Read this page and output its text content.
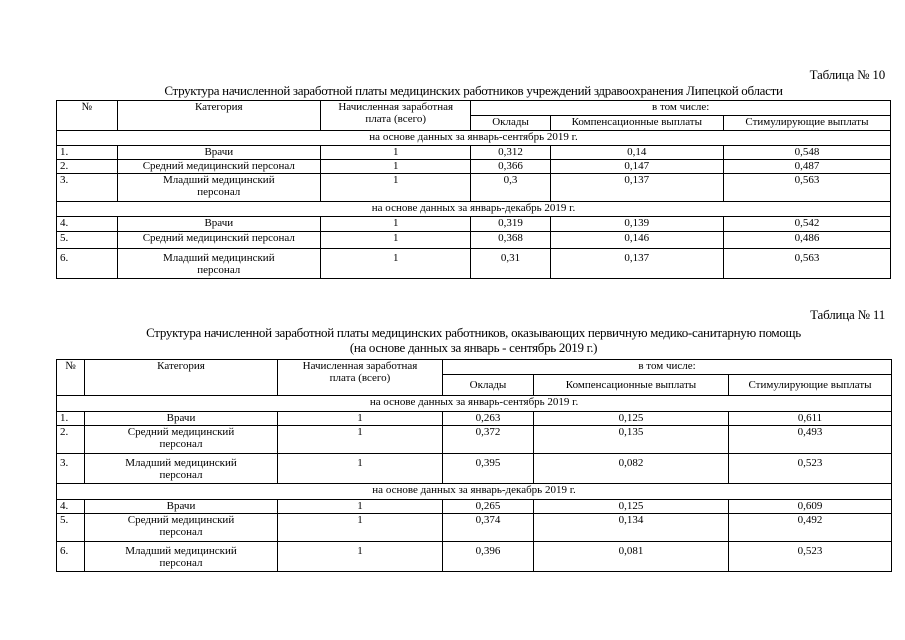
Таблица № 10
Структура начисленной заработной платы медицинских работников учреждений здравоохранения Липецкой области
№	Категория	Начисленная заработная
плата (всего)	в том числе:		
			Оклады	Компенсационные выплаты	Стимулирующие выплаты
на основе данных за январь-сентябрь 2019 г.					
1.	Врачи	1	0,312	0,14	0,548
2.	Средний медицинский персонал	1	0,366	0,147	0,487
3.	Младший медицинский
персонал	1	0,3	0,137	0,563
на основе данных за январь-декабрь 2019 г.					
4.	Врачи	1	0,319	0,139	0,542
5.	Средний медицинский персонал	1	0,368	0,146	0,486
6.	Младший медицинский
персонал	1	0,31	0,137	0,563
Таблица № 11
Структура начисленной заработной платы медицинских работников, оказывающих первичную медико-санитарную помощь
(на основе данных за январь - сентябрь 2019 г.)
№	Категория	Начисленная заработная
плата (всего)	в том числе:		
			Оклады	Компенсационные выплаты	Стимулирующие выплаты
на основе данных за январь-сентябрь 2019 г.					
1.	Врачи	1	0,263	0,125	0,611
2.	Средний медицинский
персонал	1	0,372	0,135	0,493
3.	Младший медицинский
персонал	1	0,395	0,082	0,523
на основе данных за январь-декабрь 2019 г.					
4.	Врачи	1	0,265	0,125	0,609
5.	Средний медицинский
персонал	1	0,374	0,134	0,492
6.	Младший медицинский
персонал	1	0,396	0,081	0,523
